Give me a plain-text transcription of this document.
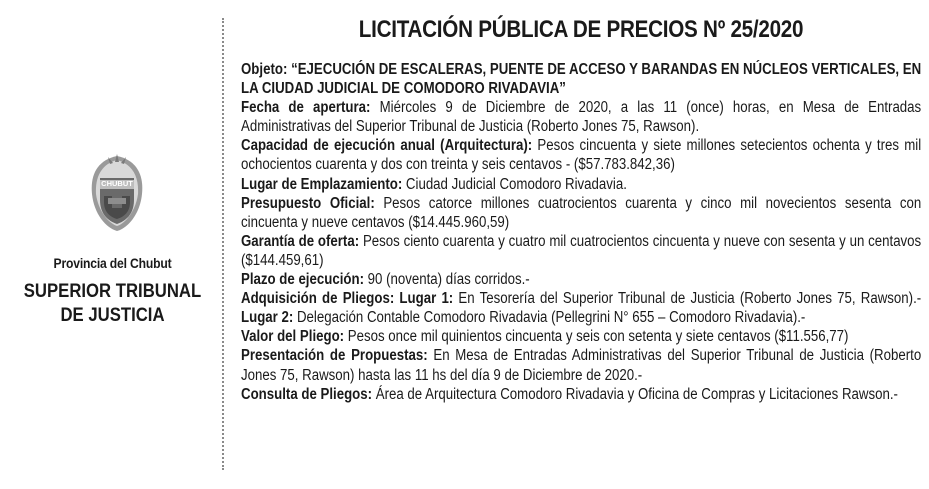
CHUBUT
Provincia del Chubut
SUPERIOR TRIBUNAL
DE JUSTICIA
LICITACIÓN PÚBLICA DE PRECIOS Nº 25/2020

Objeto: “EJECUCIÓN DE ESCALERAS, PUENTE DE ACCESO Y BARANDAS EN NÚCLEOS VERTICALES, EN LA CIUDAD JUDICIAL DE COMODORO RIVADAVIA”

Fecha de apertura: Miércoles 9 de Diciembre de 2020, a las 11 (once) horas, en Mesa de Entradas Administrativas del Superior Tribunal de Justicia (Roberto Jones 75, Rawson).

Capacidad de ejecución anual (Arquitectura): Pesos cincuenta y siete millones setecientos ochenta y tres mil ochocientos cuarenta y dos con treinta y seis centavos - ($57.783.842,36)

Lugar de Emplazamiento: Ciudad Judicial Comodoro Rivadavia.

Presupuesto Oficial: Pesos catorce millones cuatrocientos cuarenta y cinco mil novecientos sesenta con cincuenta y nueve centavos ($14.445.960,59)

Garantía de oferta: Pesos ciento cuarenta y cuatro mil cuatrocientos cincuenta y nueve con sesenta y un centavos ($144.459,61)

Plazo de ejecución: 90 (noventa) días corridos.-

Adquisición de Pliegos: Lugar 1: En Tesorería del Superior Tribunal de Justicia (Roberto Jones 75, Rawson).- Lugar 2: Delegación Contable Comodoro Rivadavia (Pellegrini N° 655 – Comodoro Rivadavia).-

Valor del Pliego: Pesos once mil quinientos cincuenta y seis con setenta y siete centavos ($11.556,77)

Presentación de Propuestas: En Mesa de Entradas Administrativas del Superior Tribunal de Justicia (Roberto Jones 75, Rawson) hasta las 11 hs del día 9 de Diciembre de 2020.-

Consulta de Pliegos: Área de Arquitectura Comodoro Rivadavia y Oficina de Compras y Licitaciones Rawson.-
